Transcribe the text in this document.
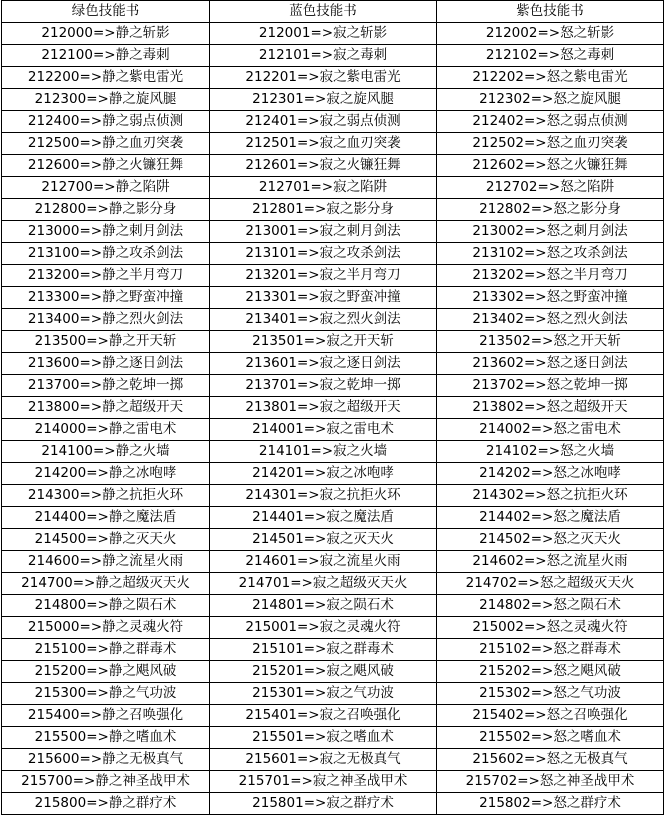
绿色技能书	蓝色技能书	紫色技能书
212000=>静之斩影	212001=>寂之斩影	212002=>怒之斩影
212100=>静之毒刺	212101=>寂之毒刺	212102=>怒之毒刺
212200=>静之紫电雷光	212201=>寂之紫电雷光	212202=>怒之紫电雷光
212300=>静之旋风腿	212301=>寂之旋风腿	212302=>怒之旋风腿
212400=>静之弱点侦测	212401=>寂之弱点侦测	212402=>怒之弱点侦测
212500=>静之血刃突袭	212501=>寂之血刃突袭	212502=>怒之血刃突袭
212600=>静之火镰狂舞	212601=>寂之火镰狂舞	212602=>怒之火镰狂舞
212700=>静之陷阱	212701=>寂之陷阱	212702=>怒之陷阱
212800=>静之影分身	212801=>寂之影分身	212802=>怒之影分身
213000=>静之刺月剑法	213001=>寂之刺月剑法	213002=>怒之刺月剑法
213100=>静之攻杀剑法	213101=>寂之攻杀剑法	213102=>怒之攻杀剑法
213200=>静之半月弯刀	213201=>寂之半月弯刀	213202=>怒之半月弯刀
213300=>静之野蛮冲撞	213301=>寂之野蛮冲撞	213302=>怒之野蛮冲撞
213400=>静之烈火剑法	213401=>寂之烈火剑法	213402=>怒之烈火剑法
213500=>静之开天斩	213501=>寂之开天斩	213502=>怒之开天斩
213600=>静之逐日剑法	213601=>寂之逐日剑法	213602=>怒之逐日剑法
213700=>静之乾坤一掷	213701=>寂之乾坤一掷	213702=>怒之乾坤一掷
213800=>静之超级开天	213801=>寂之超级开天	213802=>怒之超级开天
214000=>静之雷电术	214001=>寂之雷电术	214002=>怒之雷电术
214100=>静之火墙	214101=>寂之火墙	214102=>怒之火墙
214200=>静之冰咆哮	214201=>寂之冰咆哮	214202=>怒之冰咆哮
214300=>静之抗拒火环	214301=>寂之抗拒火环	214302=>怒之抗拒火环
214400=>静之魔法盾	214401=>寂之魔法盾	214402=>怒之魔法盾
214500=>静之灭天火	214501=>寂之灭天火	214502=>怒之灭天火
214600=>静之流星火雨	214601=>寂之流星火雨	214602=>怒之流星火雨
214700=>静之超级灭天火	214701=>寂之超级灭天火	214702=>怒之超级灭天火
214800=>静之陨石术	214801=>寂之陨石术	214802=>怒之陨石术
215000=>静之灵魂火符	215001=>寂之灵魂火符	215002=>怒之灵魂火符
215100=>静之群毒术	215101=>寂之群毒术	215102=>怒之群毒术
215200=>静之飓风破	215201=>寂之飓风破	215202=>怒之飓风破
215300=>静之气功波	215301=>寂之气功波	215302=>怒之气功波
215400=>静之召唤强化	215401=>寂之召唤强化	215402=>怒之召唤强化
215500=>静之嗜血术	215501=>寂之嗜血术	215502=>怒之嗜血术
215600=>静之无极真气	215601=>寂之无极真气	215602=>怒之无极真气
215700=>静之神圣战甲术	215701=>寂之神圣战甲术	215702=>怒之神圣战甲术
215800=>静之群疗术	215801=>寂之群疗术	215802=>怒之群疗术
